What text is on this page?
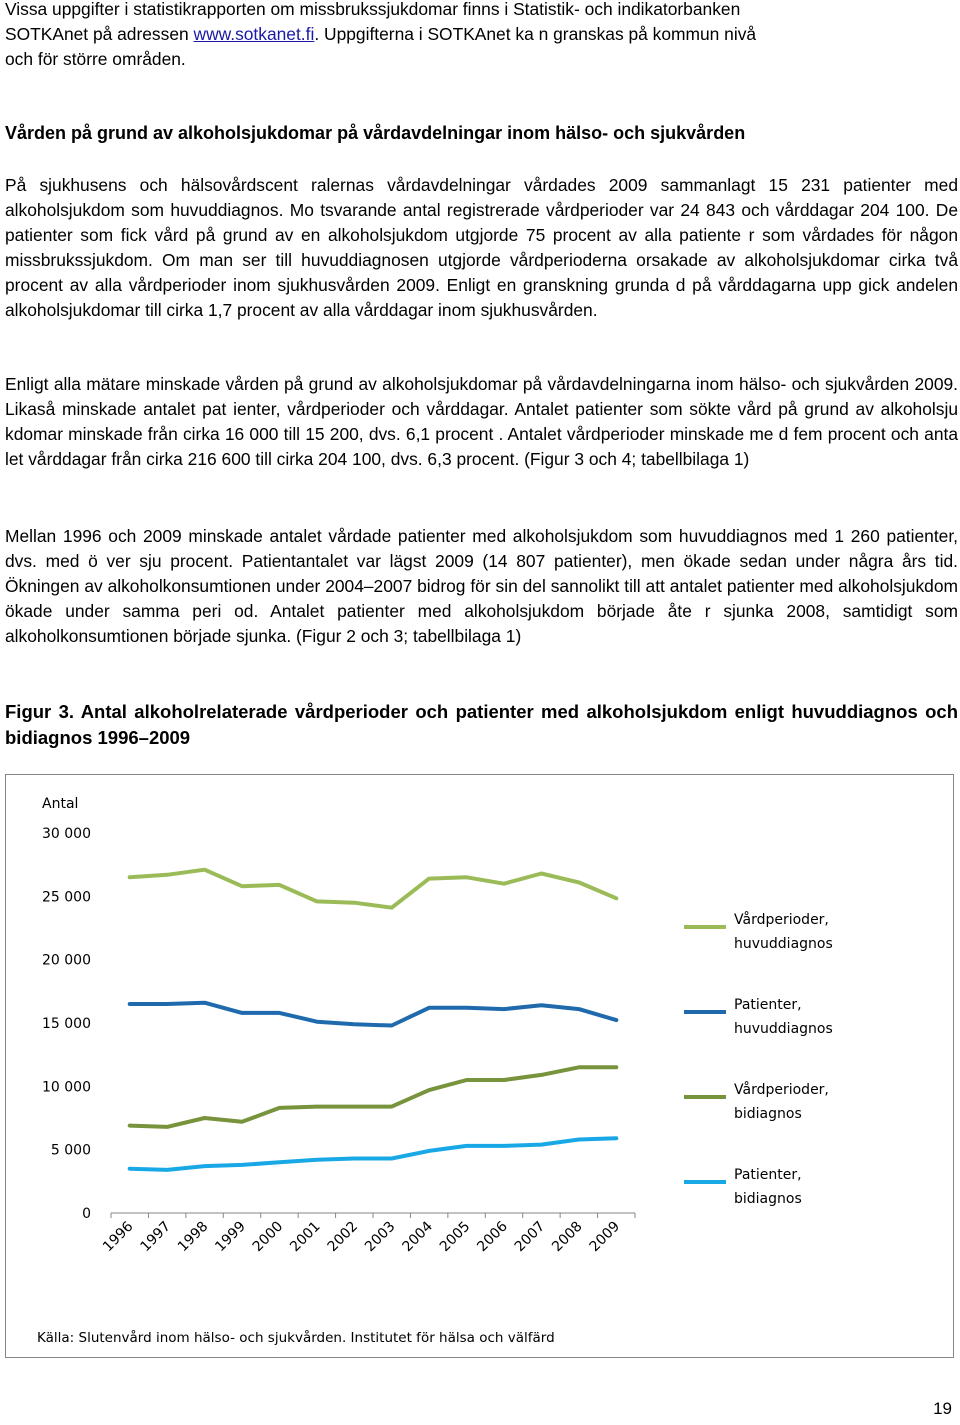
Vissa uppgifter i statistikrapporten om missbrukssjukdomar finns i Statistik- och indikatorbanken

SOTKAnet på adressen www.sotkanet.fi. Uppgifterna i SOTKAnet ka n granskas på kommun nivå

och för större områden.

Vården på grund av alkoholsjukdomar på vårdavdelningar inom hälso- och sjukvården

På sjukhusens och hälsovårdscent ralernas vårdavdelningar vårdades 2009 sammanlagt 15 231 patienter med alkoholsjukdom som huvuddiagnos. Mo tsvarande antal registrerade vårdperioder var 24 843 och vårddagar 204 100. De patienter som fick vård på grund av en alkoholsjukdom utgjorde 75 procent av alla patiente r som vårdades för någon missbrukssjukdom. Om man ser till huvuddiagnosen utgjorde vårdperioderna orsakade av alkoholsjukdomar cirka två procent av alla vårdperioder inom sjukhusvården 2009. Enligt en granskning grunda d på vårddagarna upp gick andelen alkoholsjukdomar till cirka 1,7 procent av alla vårddagar inom sjukhusvården.

Enligt alla mätare minskade vården på grund av alkoholsjukdomar på vårdavdelningarna inom hälso- och sjukvården 2009. Likaså minskade antalet pat ienter, vårdperioder och vårddagar. Antalet patienter som sökte vård på grund av alkoholsju kdomar minskade från cirka 16 000 till 15 200, dvs. 6,1 procent . Antalet vårdperioder minskade me d fem procent och anta let vårddagar från cirka 216 600 till cirka 204 100, dvs. 6,3 procent. (Figur 3 och 4; tabellbilaga 1)

Mellan 1996 och 2009 minskade antalet vårdade patienter med alkoholsjukdom som huvuddiagnos med 1 260 patienter, dvs. med ö ver sju procent. Patientantalet var lägst 2009 (14 807 patienter), men ökade sedan under några års tid. Ökningen av alkoholkonsumtionen under 2004–2007 bidrog för sin del sannolikt till att antalet patienter med alkoholsjukdom ökade under samma peri od. Antalet patienter med alkoholsjukdom började åte r sjunka 2008, samtidigt som alkoholkonsumtionen började sjunka. (Figur 2 och 3; tabellbilaga 1)

Figur 3. Antal alkoholrelaterade vårdperioder och patienter med alkoholsjukdom enligt huvuddiagnos och bidiagnos 1996–2009
Antal
0
5 000
10 000
15 000
20 000
25 000
30 000
1996 1997 1998 1999 2000 2001 2002 2003 2004 2005 2006 2007 2008 2009
Vårdperioder,
huvuddiagnos
Patienter,
huvuddiagnos
Vårdperioder,
bidiagnos
Patienter,
bidiagnos
Källa: Slutenvård inom hälso- och sjukvården. Institutet för hälsa och välfärd
19
